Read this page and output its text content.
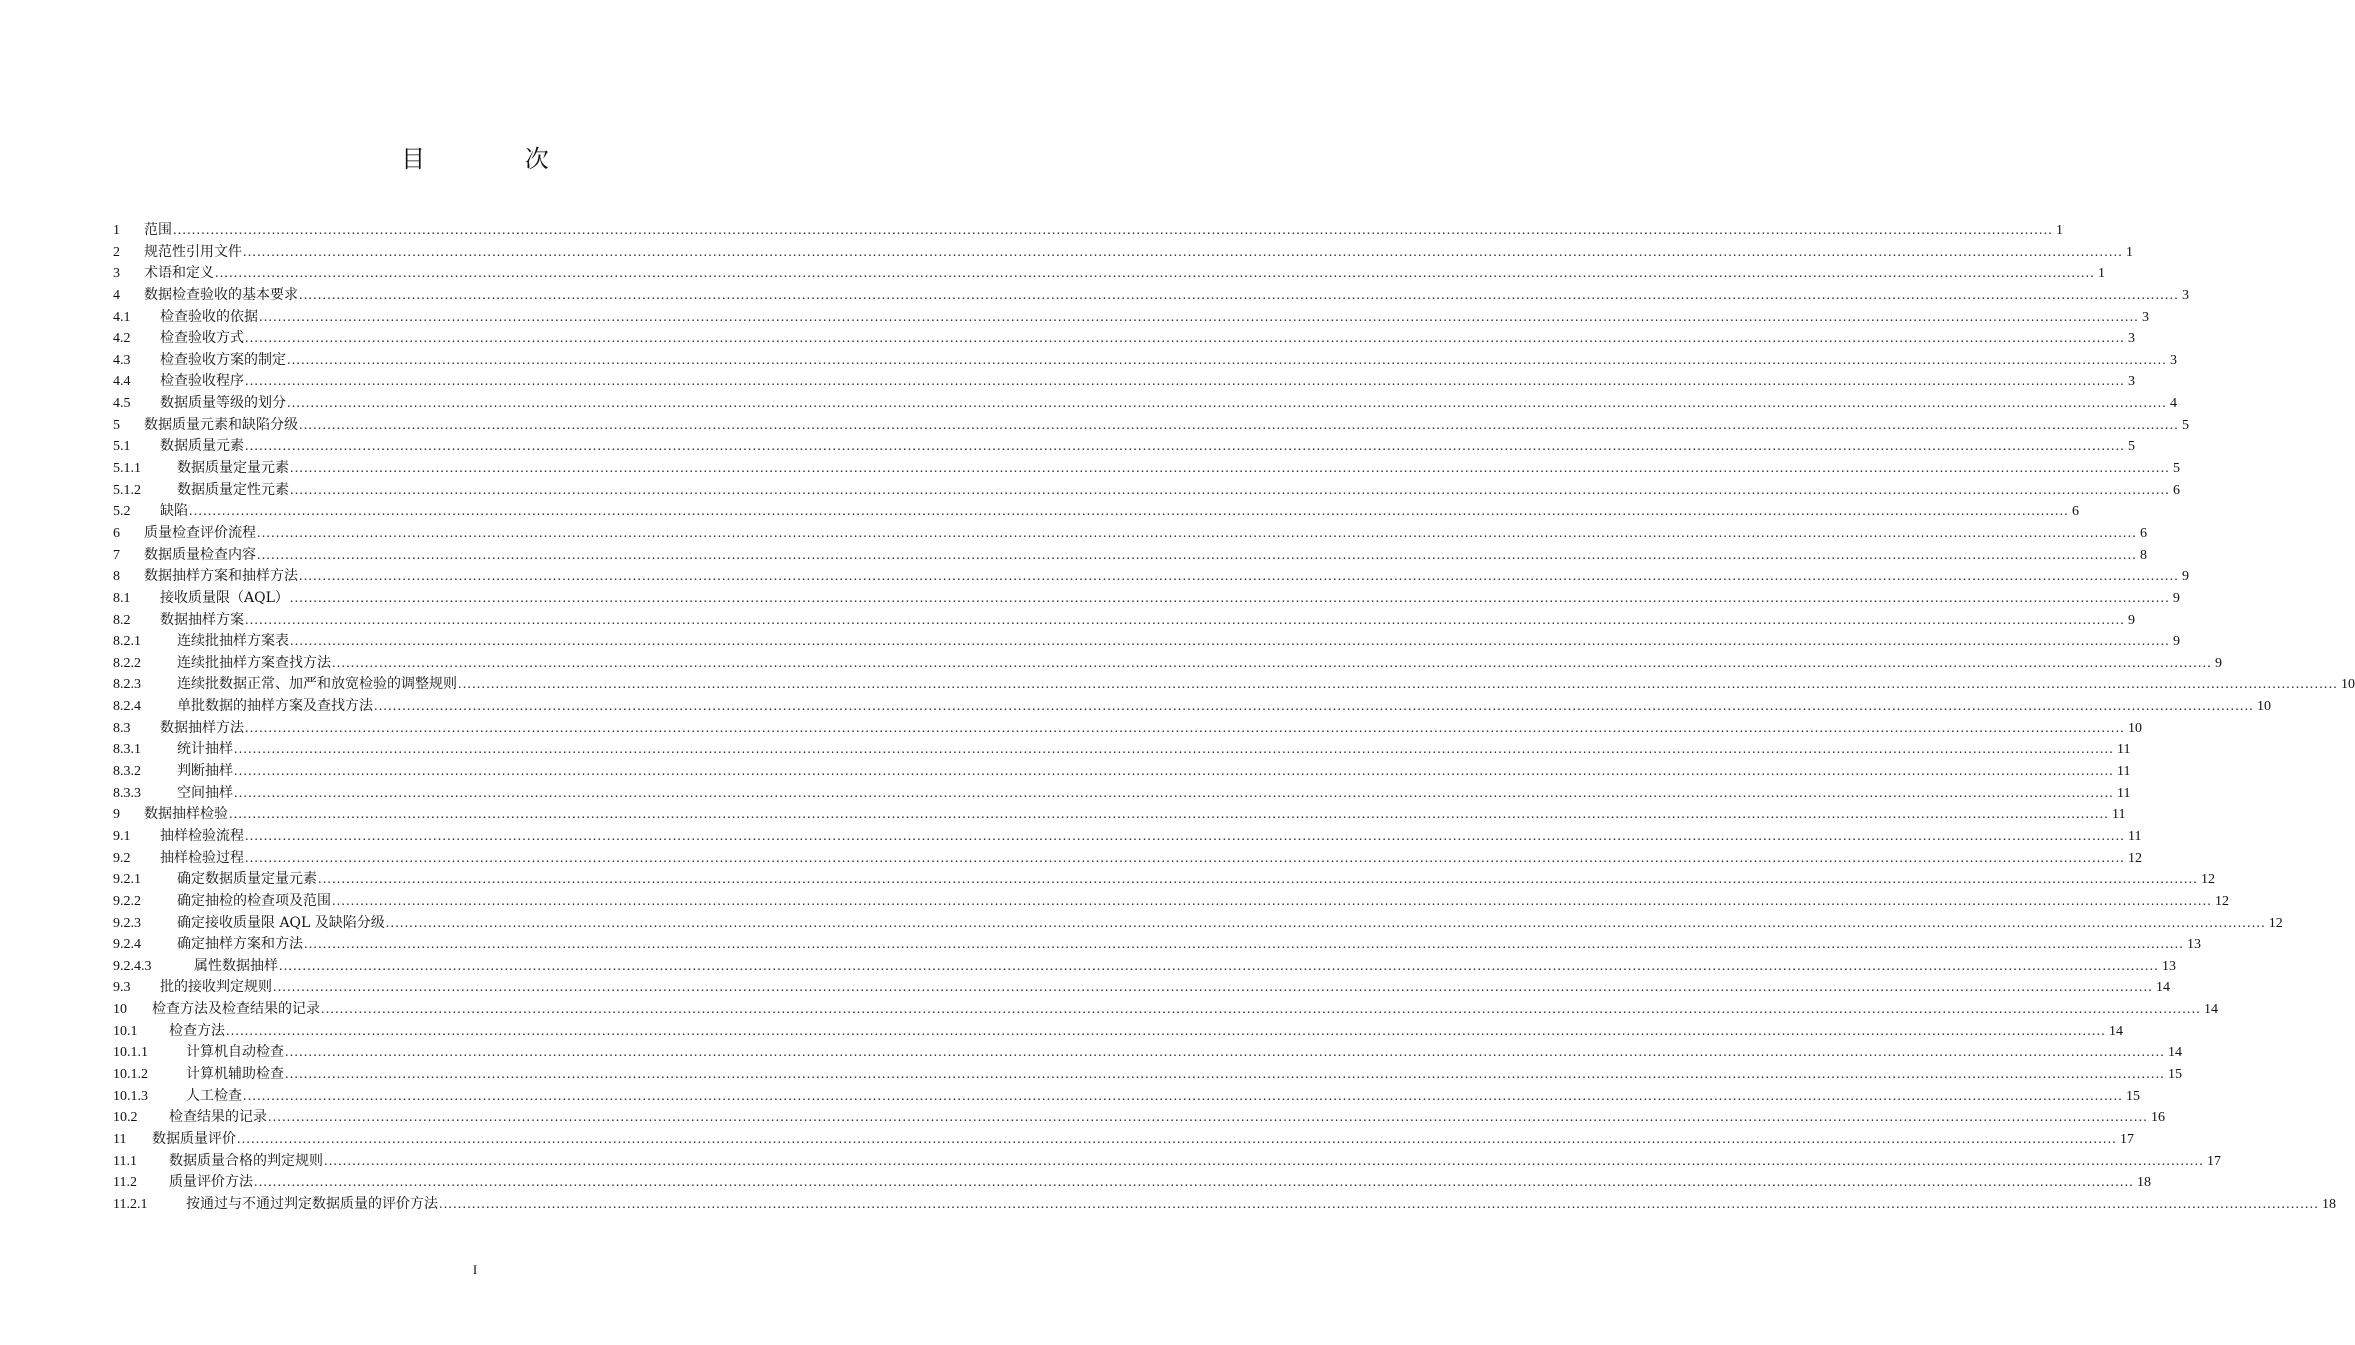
目 次
1	范围 ................................................................................................................................................................................................................................................................................................................................................................................................................ 1
2	规范性引用文件 ................................................................................................................................................................................................................................................................................................................................................................................................................ 1
3	术语和定义 ................................................................................................................................................................................................................................................................................................................................................................................................................ 1
4	数据检查验收的基本要求 ................................................................................................................................................................................................................................................................................................................................................................................................................ 3
4.1	检查验收的依据 ................................................................................................................................................................................................................................................................................................................................................................................................................ 3
4.2	检查验收方式 ................................................................................................................................................................................................................................................................................................................................................................................................................ 3
4.3	检查验收方案的制定 ................................................................................................................................................................................................................................................................................................................................................................................................................ 3
4.4	检查验收程序 ................................................................................................................................................................................................................................................................................................................................................................................................................ 3
4.5	数据质量等级的划分 ................................................................................................................................................................................................................................................................................................................................................................................................................ 4
5	数据质量元素和缺陷分级 ................................................................................................................................................................................................................................................................................................................................................................................................................ 5
5.1	数据质量元素 ................................................................................................................................................................................................................................................................................................................................................................................................................ 5
5.1.1	数据质量定量元素 ................................................................................................................................................................................................................................................................................................................................................................................................................ 5
5.1.2	数据质量定性元素 ................................................................................................................................................................................................................................................................................................................................................................................................................ 6
5.2	缺陷 ................................................................................................................................................................................................................................................................................................................................................................................................................ 6
6	质量检查评价流程 ................................................................................................................................................................................................................................................................................................................................................................................................................ 6
7	数据质量检查内容 ................................................................................................................................................................................................................................................................................................................................................................................................................ 8
8	数据抽样方案和抽样方法 ................................................................................................................................................................................................................................................................................................................................................................................................................ 9
8.1	接收质量限（AQL） ................................................................................................................................................................................................................................................................................................................................................................................................................ 9
8.2	数据抽样方案 ................................................................................................................................................................................................................................................................................................................................................................................................................ 9
8.2.1	连续批抽样方案表 ................................................................................................................................................................................................................................................................................................................................................................................................................ 9
8.2.2	连续批抽样方案查找方法 ................................................................................................................................................................................................................................................................................................................................................................................................................ 9
8.2.3	连续批数据正常、加严和放宽检验的调整规则 ................................................................................................................................................................................................................................................................................................................................................................................................................ 10
8.2.4	单批数据的抽样方案及查找方法 ................................................................................................................................................................................................................................................................................................................................................................................................................ 10
8.3	数据抽样方法 ................................................................................................................................................................................................................................................................................................................................................................................................................ 10
8.3.1	统计抽样 ................................................................................................................................................................................................................................................................................................................................................................................................................ 11
8.3.2	判断抽样 ................................................................................................................................................................................................................................................................................................................................................................................................................ 11
8.3.3	空间抽样 ................................................................................................................................................................................................................................................................................................................................................................................................................ 11
9	数据抽样检验 ................................................................................................................................................................................................................................................................................................................................................................................................................ 11
9.1	抽样检验流程 ................................................................................................................................................................................................................................................................................................................................................................................................................ 11
9.2	抽样检验过程 ................................................................................................................................................................................................................................................................................................................................................................................................................ 12
9.2.1	确定数据质量定量元素 ................................................................................................................................................................................................................................................................................................................................................................................................................ 12
9.2.2	确定抽检的检查项及范围 ................................................................................................................................................................................................................................................................................................................................................................................................................ 12
9.2.3	确定接收质量限 AQL 及缺陷分级 ................................................................................................................................................................................................................................................................................................................................................................................................................ 12
9.2.4	确定抽样方案和方法 ................................................................................................................................................................................................................................................................................................................................................................................................................ 13
9.2.4.3	属性数据抽样 ................................................................................................................................................................................................................................................................................................................................................................................................................ 13
9.3	批的接收判定规则 ................................................................................................................................................................................................................................................................................................................................................................................................................ 14
10	检查方法及检查结果的记录 ................................................................................................................................................................................................................................................................................................................................................................................................................ 14
10.1	检查方法 ................................................................................................................................................................................................................................................................................................................................................................................................................ 14
10.1.1	计算机自动检查 ................................................................................................................................................................................................................................................................................................................................................................................................................ 14
10.1.2	计算机辅助检查 ................................................................................................................................................................................................................................................................................................................................................................................................................ 15
10.1.3	人工检查 ................................................................................................................................................................................................................................................................................................................................................................................................................ 15
10.2	检查结果的记录 ................................................................................................................................................................................................................................................................................................................................................................................................................ 16
11	数据质量评价 ................................................................................................................................................................................................................................................................................................................................................................................................................ 17
11.1	数据质量合格的判定规则 ................................................................................................................................................................................................................................................................................................................................................................................................................ 17
11.2	质量评价方法 ................................................................................................................................................................................................................................................................................................................................................................................................................ 18
11.2.1	按通过与不通过判定数据质量的评价方法 ................................................................................................................................................................................................................................................................................................................................................................................................................ 18
I
